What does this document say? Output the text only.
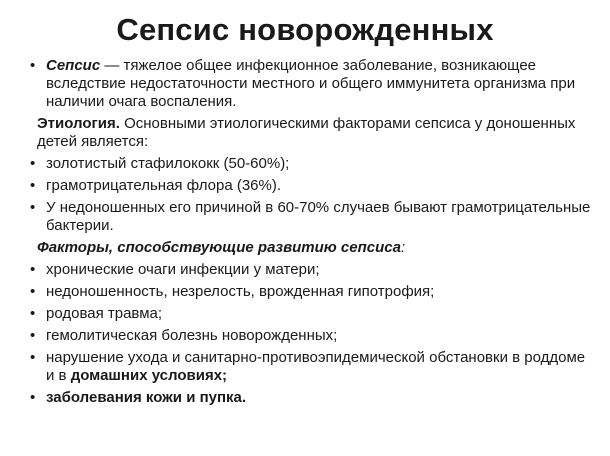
Сепсис новорожденных
• Сепсис — тяжелое общее инфекционное заболевание, возникающее вследствие недостаточности местного и общего иммунитета организма при наличии очага воспаления.
Этиология. Основными этиологическими факторами сепсиса у доношенных детей является:
• золотистый стафилококк (50-60%);
• грамотрицательная флора (36%).
• У недоношенных его причиной в 60-70% случаев бывают грамотрицательные бактерии.
Факторы, способствующие развитию сепсиса:
• хронические очаги инфекции у матери;
• недоношенность, незрелость, врожденная гипотрофия;
• родовая травма;
• гемолитическая болезнь новорожденных;
• нарушение ухода и санитарно-противоэпидемической обстановки в роддоме и в домашних условиях;
• заболевания кожи и пупка.
